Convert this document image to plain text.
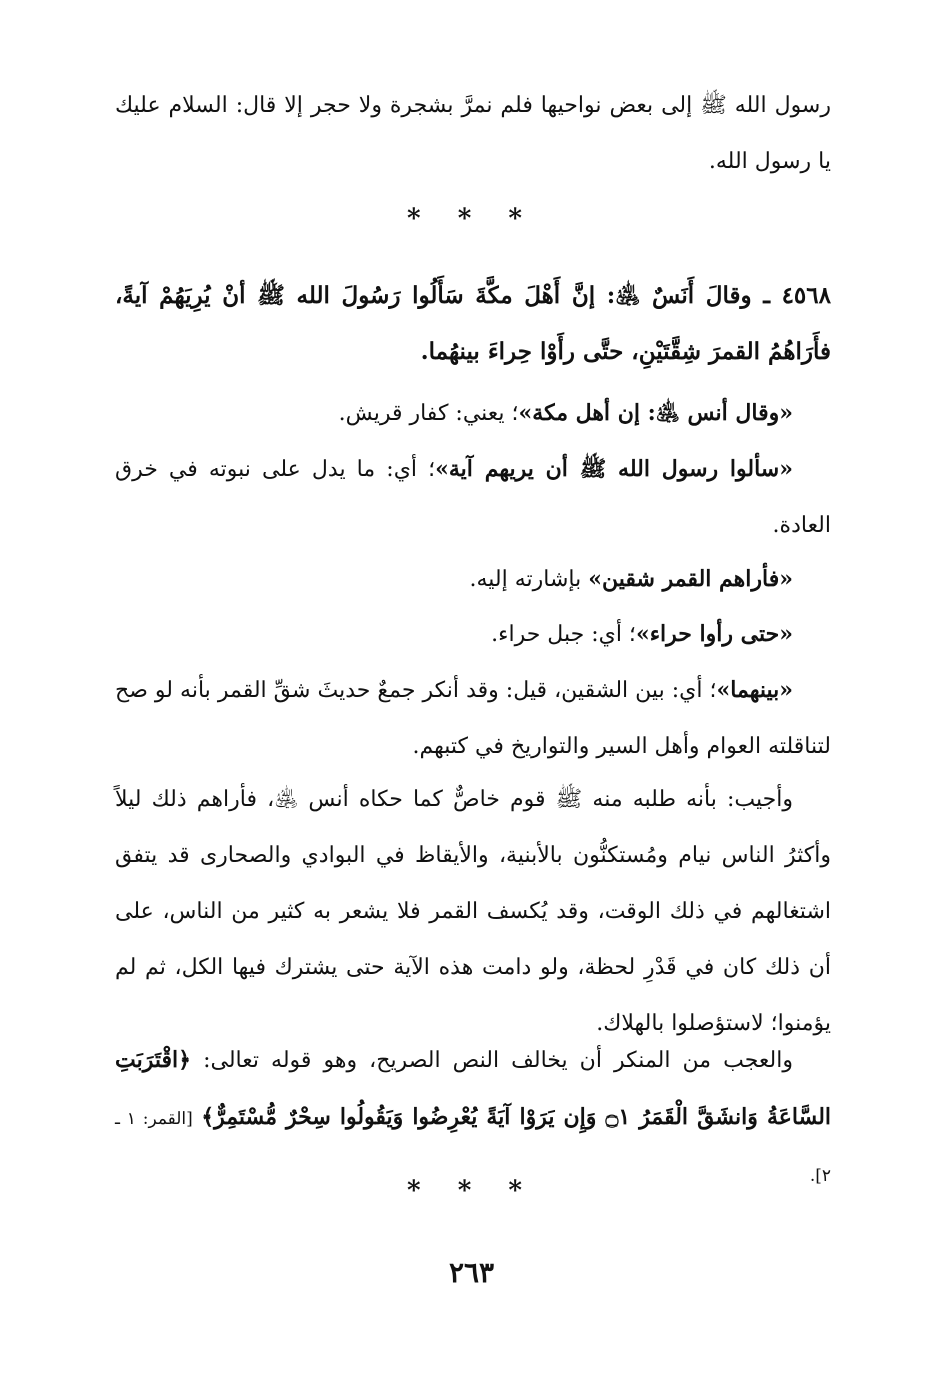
رسول الله ﷺ إلى بعض نواحيها فلم نمرَّ بشجرة ولا حجر إلا قال: السلام عليك يا رسول الله.

* * *

٤٥٦٨ ـ وقالَ أَنَسٌ ﵁: إنَّ أَهْلَ مكَّةَ سَأَلُوا رَسُولَ الله ﷺ أنْ يُرِيَهُمْ آيةً، فأَرَاهُمُ القمرَ شِقَّتَيْنِ، حتَّى رأَوْا حِراءَ بينهُما.

«وقال أنس ﵁: إن أهل مكة»؛ يعني: كفار قريش.

«سألوا رسول الله ﷺ أن يريهم آية»؛ أي: ما يدل على نبوته في خرق العادة.

«فأراهم القمر شقين» بإشارته إليه.

«حتى رأوا حراء»؛ أي: جبل حراء.

«بينهما»؛ أي: بين الشقين، قيل: وقد أنكر جمعٌ حديثَ شقِّ القمر بأنه لو صح لتناقلته العوام وأهل السير والتواريخ في كتبهم.

وأجيب: بأنه طلبه منه ﷺ قوم خاصٌّ كما حكاه أنس ﵁، فأراهم ذلك ليلاً وأكثرُ الناس نيام ومُستكنُّون بالأبنية، والأيقاظ في البوادي والصحارى قد يتفق اشتغالهم في ذلك الوقت، وقد يُكسف القمر فلا يشعر به كثير من الناس، على أن ذلك كان في قَدْرِ لحظة، ولو دامت هذه الآية حتى يشترك فيها الكل، ثم لم يؤمنوا؛ لاستؤصلوا بالهلاك.

والعجب من المنكر أن يخالف النص الصريح، وهو قوله تعالى: ﴿اقْتَرَبَتِ السَّاعَةُ وَانشَقَّ الْقَمَرُ ۝١ وَإِن يَرَوْا آيَةً يُعْرِضُوا وَيَقُولُوا سِحْرٌ مُّسْتَمِرٌّ﴾ [القمر: ١ ـ ٢].

* * *
٢٦٣
